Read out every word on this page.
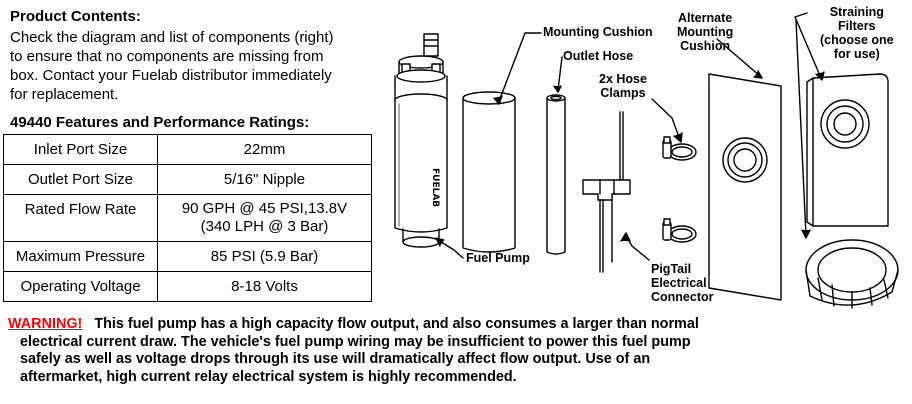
Product Contents:
Check the diagram and list of components (right)
to ensure that no components are missing from
box. Contact your Fuelab distributor immediately
for replacement.
49440 Features and Performance Ratings:
Inlet Port Size	22mm
Outlet Port Size	5/16" Nipple
Rated Flow Rate	90 GPH @ 45 PSI,13.8V
(340 LPH @ 3 Bar)

Maximum Pressure	85 PSI (5.9 Bar)
Operating Voltage	8-18 Volts
WARNING! This fuel pump has a high capacity flow output, and also consumes a larger than normal
electrical current draw. The vehicle's fuel pump wiring may be insufficient to power this fuel pump
safely as well as voltage drops through its use will dramatically affect flow output. Use of an
aftermarket, high current relay electrical system is highly recommended.
FUELAB
Mounting Cushion
Outlet Hose
2x Hose
Clamps
Alternate
Mounting
Cushion
Straining
Filters
(choose one
for use)
Fuel Pump
PigTail
Electrical
Connector
